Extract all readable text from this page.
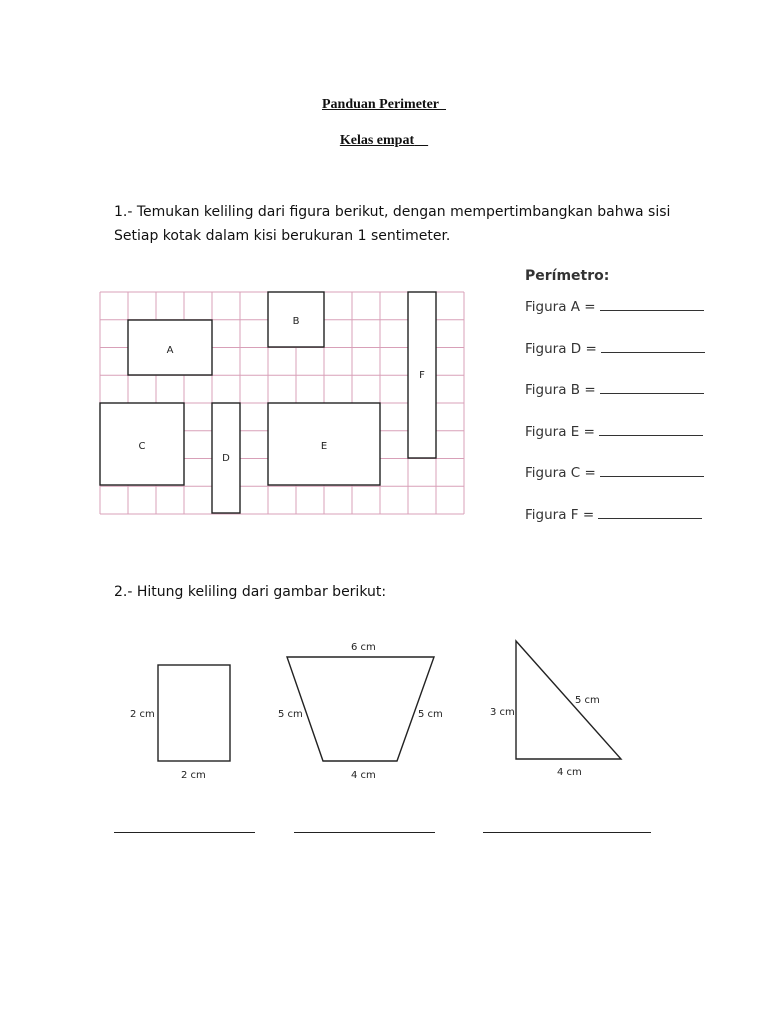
Panduan Perimeter
Kelas empat
1.- Temukan keliling dari figura berikut, dengan mempertimbangkan bahwa sisi
Setiap kotak dalam kisi berukuran 1 sentimeter.
A
B
F
C
D
E
Perímetro:
Figura A =
Figura D =
Figura B =
Figura E =
Figura C =
Figura F =
2.- Hitung keliling dari gambar berikut:
2 cm
2 cm
6 cm
5 cm	5 cm
4 cm
3 cm
5 cm
4 cm
